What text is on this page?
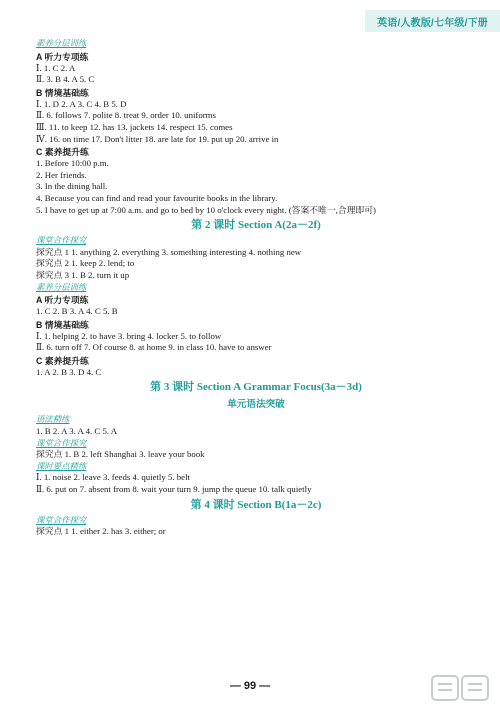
英语/人教版/七年级/下册
素养分层训练
A 听力专项练
Ⅰ. 1. C 2. A
Ⅱ. 3. B 4. A 5. C
B 情境基础练
Ⅰ. 1. D 2. A 3. C 4. B 5. D
Ⅱ. 6. follows 7. polite 8. treat 9. order 10. uniforms
Ⅲ. 11. to keep 12. has 13. jackets 14. respect 15. comes
Ⅳ. 16. on time 17. Don't litter 18. are late for 19. put up 20. arrive in
C 素养提升练
1. Before 10:00 p.m.
2. Her friends.
3. In the dining hall.
4. Because you can find and read your favourite books in the library.
5. I have to get up at 7:00 a.m. and go to bed by 10 o'clock every night. (答案不唯一,合理即可)
第 2 课时 Section A(2a－2f)
课堂合作探究
探究点 1 1. anything 2. everything 3. something interesting 4. nothing new
探究点 2 1. keep 2. lend; to
探究点 3 1. B 2. turn it up
素养分层训练
A 听力专项练
1. C 2. B 3. A 4. C 5. B
B 情境基础练
Ⅰ. 1. helping 2. to have 3. bring 4. locker 5. to follow
Ⅱ. 6. turn off 7. Of course 8. at home 9. in class 10. have to answer
C 素养提升练
1. A 2. B 3. D 4. C
第 3 课时 Section A Grammar Focus(3a－3d)
单元语法突破
语法精练
1. B 2. A 3. A 4. C 5. A
课堂合作探究
探究点 1. B 2. left Shanghai 3. leave your book
课时要点精练
Ⅰ. 1. noise 2. leave 3. feeds 4. quietly 5. belt
Ⅱ. 6. put on 7. absent from 8. wait your turn 9. jump the queue 10. talk quietly
第 4 课时 Section B(1a－2c)
课堂合作探究
探究点 1 1. either 2. has 3. either; or
— 99 —
